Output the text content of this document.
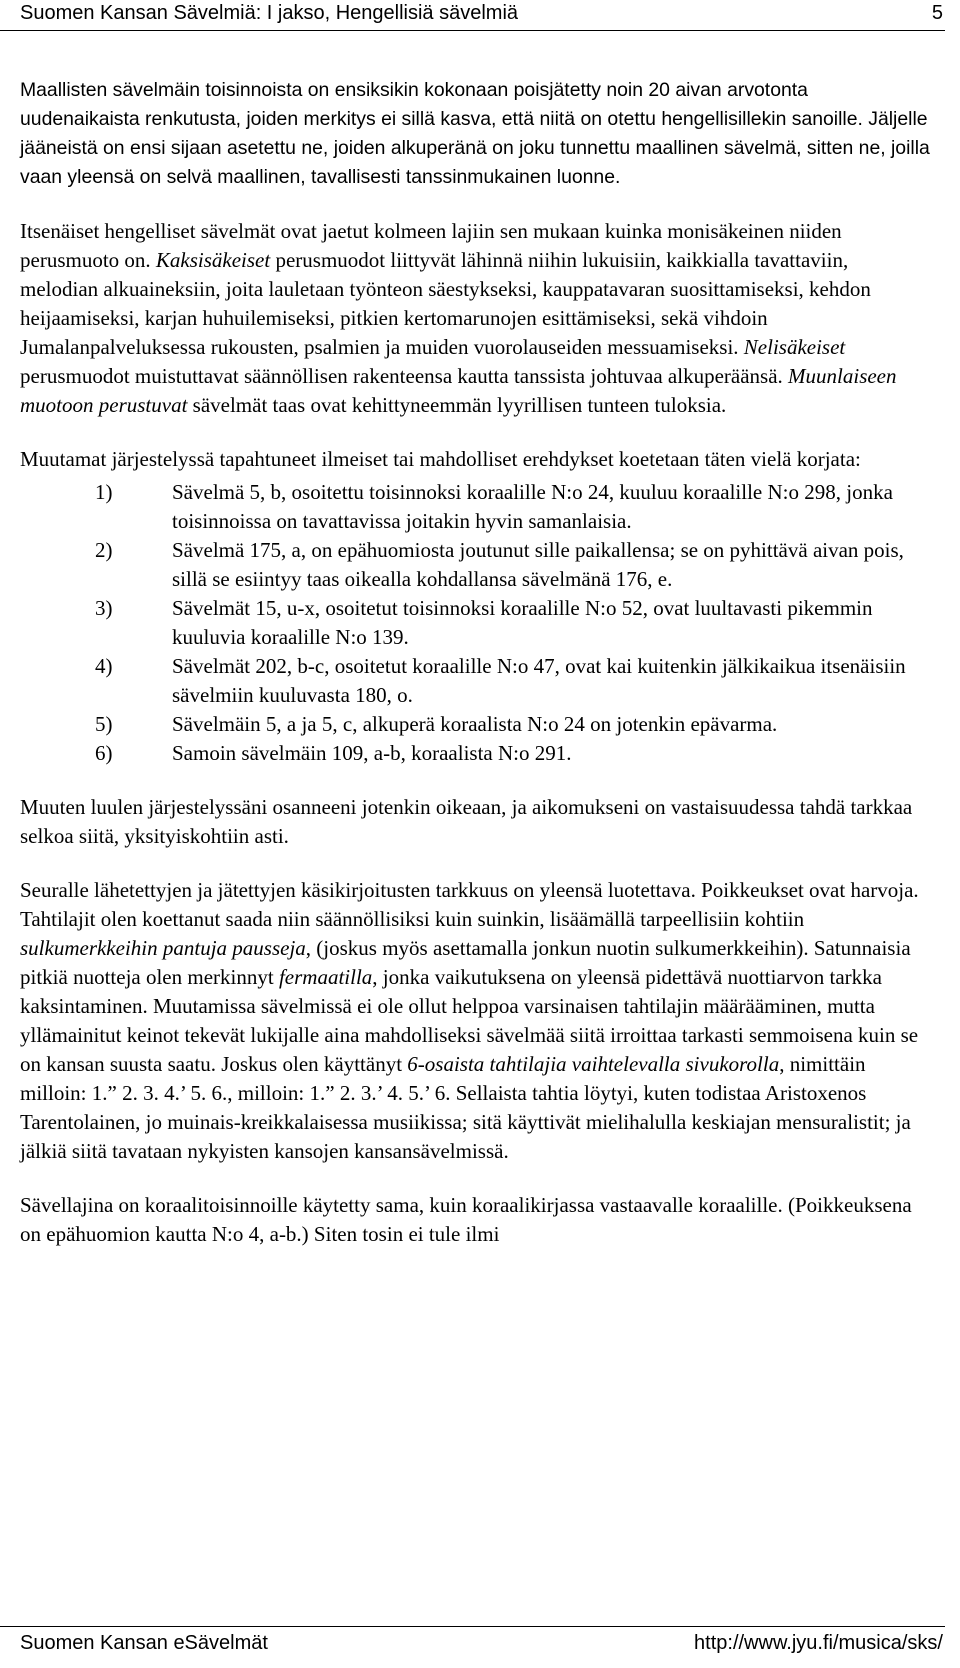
Suomen Kansan Sävelmiä: I jakso, Hengellisiä sävelmiä	5

Maallisten sävelmäin toisinnoista on ensiksikin kokonaan poisjätetty noin 20 aivan arvotonta uudenaikaista renkutusta, joiden merkitys ei sillä kasva, että niitä on otettu hengellisillekin sanoille. Jäljelle jääneistä on ensi sijaan asetettu ne, joiden alkuperänä on joku tunnettu maallinen sävelmä, sitten ne, joilla vaan yleensä on selvä maallinen, tavallisesti tanssinmukainen luonne.

Itsenäiset hengelliset sävelmät ovat jaetut kolmeen lajiin sen mukaan kuinka monisäkeinen niiden perusmuoto on. Kaksisäkeiset perusmuodot liittyvät lähinnä niihin lukuisiin, kaikkialla tavattaviin, melodian alkuaineksiin, joita lauletaan työnteon säestykseksi, kauppatavaran suosittamiseksi, kehdon heijaamiseksi, karjan huhuilemiseksi, pitkien kertomarunojen esittämiseksi, sekä vihdoin Jumalanpalveluksessa rukousten, psalmien ja muiden vuorolauseiden messuamiseksi. Nelisäkeiset perusmuodot muistuttavat säännöllisen rakenteensa kautta tanssista johtuvaa alkuperäänsä. Muunlaiseen muotoon perustuvat sävelmät taas ovat kehittyneemmän lyyrillisen tunteen tuloksia.

Muutamat järjestelyssä tapahtuneet ilmeiset tai mahdolliset erehdykset koetetaan täten vielä korjata:

1)	Sävelmä 5, b, osoitettu toisinnoksi koraalille N:o 24, kuuluu koraalille N:o 298, jonka toisinnoissa on tavattavissa joitakin hyvin samanlaisia.
2)	Sävelmä 175, a, on epähuomiosta joutunut sille paikallensa; se on pyhittävä aivan pois, sillä se esiintyy taas oikealla kohdallansa sävelmänä 176, e.
3)	Sävelmät 15, u-x, osoitetut toisinnoksi koraalille N:o 52, ovat luultavasti pikemmin kuuluvia koraalille N:o 139.
4)	Sävelmät 202, b-c, osoitetut koraalille N:o 47, ovat kai kuitenkin jälkikaikua itsenäisiin sävelmiin kuuluvasta 180, o.
5)	Sävelmäin 5, a ja 5, c, alkuperä koraalista N:o 24 on jotenkin epävarma.
6)	Samoin sävelmäin 109, a-b, koraalista N:o 291.

Muuten luulen järjestelyssäni osanneeni jotenkin oikeaan, ja aikomukseni on vastaisuudessa tahdä tarkkaa selkoa siitä, yksityiskohtiin asti.

Seuralle lähetettyjen ja jätettyjen käsikirjoitusten tarkkuus on yleensä luotettava. Poikkeukset ovat harvoja. Tahtilajit olen koettanut saada niin säännöllisiksi kuin suinkin, lisäämällä tarpeellisiin kohtiin sulkumerkkeihin pantuja pausseja, (joskus myös asettamalla jonkun nuotin sulkumerkkeihin). Satunnaisia pitkiä nuotteja olen merkinnyt fermaatilla, jonka vaikutuksena on yleensä pidettävä nuottiarvon tarkka kaksintaminen. Muutamissa sävelmissä ei ole ollut helppoa varsinaisen tahtilajin määrääminen, mutta yllämainitut keinot tekevät lukijalle aina mahdolliseksi sävelmää siitä irroittaa tarkasti semmoisena kuin se on kansan suusta saatu. Joskus olen käyttänyt 6-osaista tahtilajia vaihtelevalla sivukorolla, nimittäin milloin: 1.” 2. 3. 4.’ 5. 6., milloin: 1.” 2. 3.’ 4. 5.’ 6. Sellaista tahtia löytyi, kuten todistaa Aristoxenos Tarentolainen, jo muinais-kreikkalaisessa musiikissa; sitä käyttivät mielihalulla keskiajan mensuralistit; ja jälkiä siitä tavataan nykyisten kansojen kansansävelmissä.

Sävellajina on koraalitoisinnoille käytetty sama, kuin koraalikirjassa vastaavalle koraalille. (Poikkeuksena on epähuomion kautta N:o 4, a-b.) Siten tosin ei tule ilmi

Suomen Kansan eSävelmät	http://www.jyu.fi/musica/sks/
